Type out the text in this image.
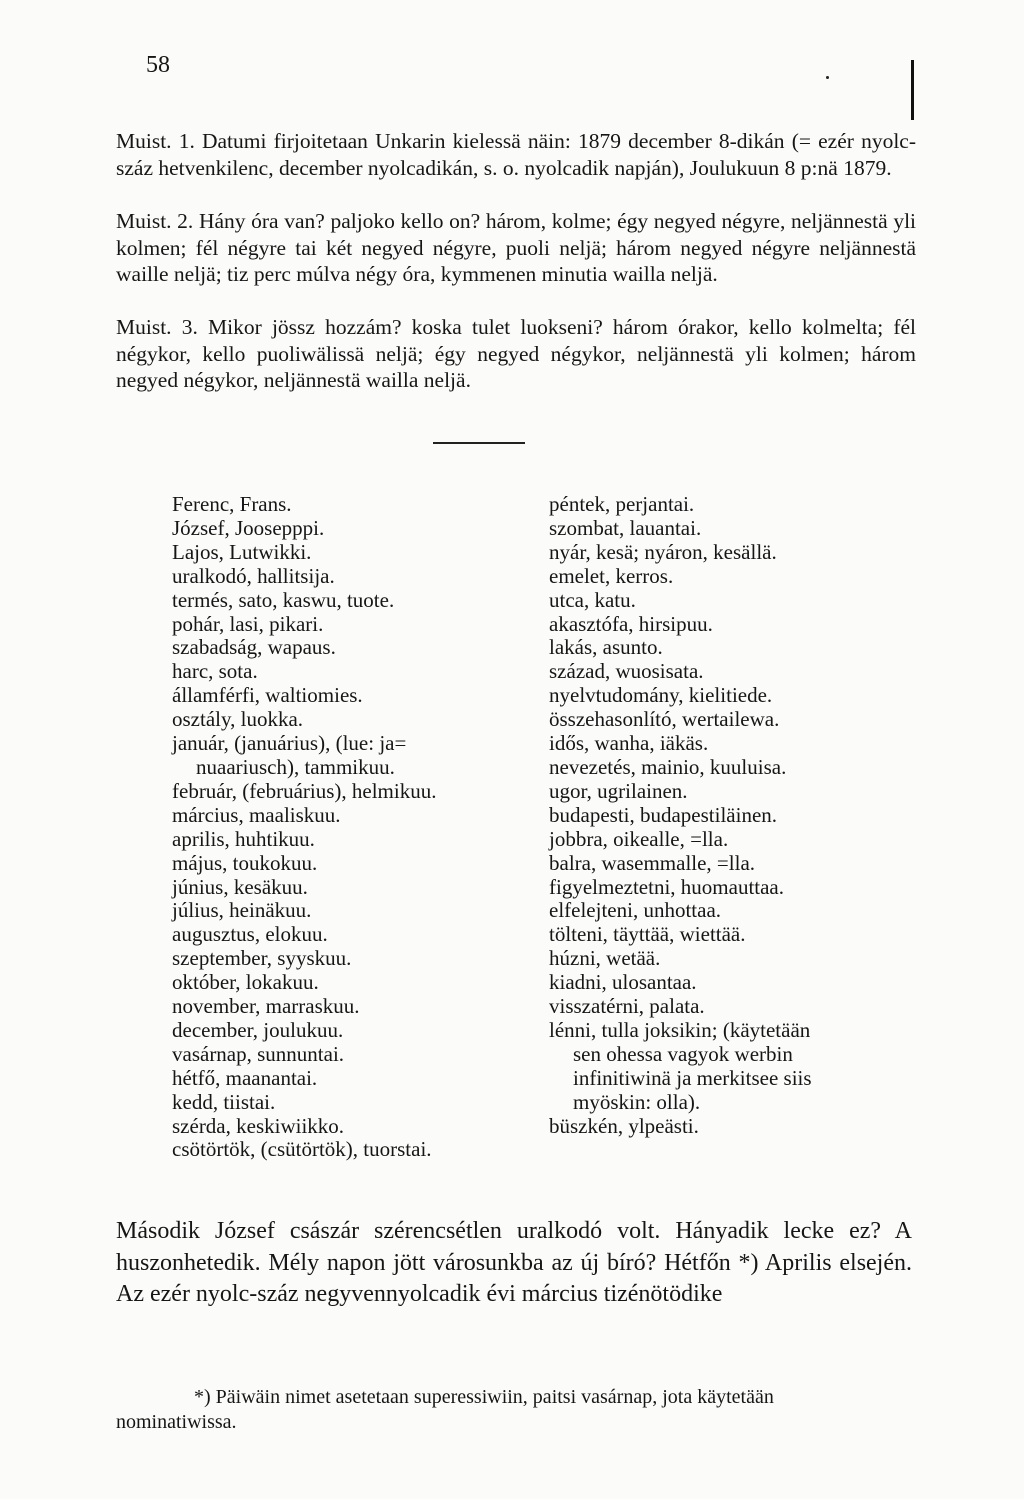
58

Muist. 1. Datumi firjoitetaan Unkarin kielessä näin: 1879 december 8-dikán (= ezér nyolc-száz hetvenkilenc, december nyolcadikán, s. o. nyolcadik napján), Joulukuun 8 p:nä 1879.

Muist. 2. Hány óra van? paljoko kello on? három, kolme; égy negyed négyre, neljännestä yli kolmen; fél négyre tai két negyed négyre, puoli neljä; három negyed négyre neljännestä waille neljä; tiz perc múlva négy óra, kymmenen minutia wailla neljä.

Muist. 3. Mikor jössz hozzám? koska tulet luokseni? három órakor, kello kolmelta; fél négykor, kello puoliwälissä neljä; égy negyed négykor, neljännestä yli kolmen; három negyed négykor, neljännestä wailla neljä.

Ferenc, Frans.
József, Joosepppi.
Lajos, Lutwikki.
uralkodó, hallitsija.
termés, sato, kaswu, tuote.
pohár, lasi, pikari.
szabadság, wapaus.
harc, sota.
államférfi, waltiomies.
osztály, luokka.
január, (januárius), (lue: ja=
nuaariusch), tammikuu.
február, (februárius), helmikuu.
március, maaliskuu.
aprilis, huhtikuu.
május, toukokuu.
június, kesäkuu.
július, heinäkuu.
augusztus, elokuu.
szeptember, syyskuu.
október, lokakuu.
november, marraskuu.
december, joulukuu.
vasárnap, sunnuntai.
hétfő, maanantai.
kedd, tiistai.
szérda, keskiwiikko.
csötörtök, (csütörtök), tuorstai.
péntek, perjantai.
szombat, lauantai.
nyár, kesä; nyáron, kesällä.
emelet, kerros.
utca, katu.
akasztófa, hirsipuu.
lakás, asunto.
század, wuosisata.
nyelvtudomány, kielitiede.
összehasonlító, wertailewa.
idős, wanha, iäkäs.
nevezetés, mainio, kuuluisa.
ugor, ugrilainen.
budapesti, budapestiläinen.
jobbra, oikealle, =lla.
balra, wasemmalle, =lla.
figyelmeztetni, huomauttaa.
elfelejteni, unhottaa.
tölteni, täyttää, wiettää.
húzni, wetää.
kiadni, ulosantaa.
visszatérni, palata.
lénni, tulla joksikin; (käytetään
sen ohessa vagyok werbin
infinitiwinä ja merkitsee siis
myöskin: olla).
büszkén, ylpeästi.

Második József császár szérencsétlen uralkodó volt. Hányadik lecke ez? A huszonhetedik. Mély napon jött városunkba az új bíró? Hétfőn *) Aprilis elsején. Az ezér nyolc-száz negyvennyolcadik évi március tizénötödike

*) Päiwäin nimet asetetaan superessiwiin, paitsi vasárnap, jota käytetään nominatiwissa.
